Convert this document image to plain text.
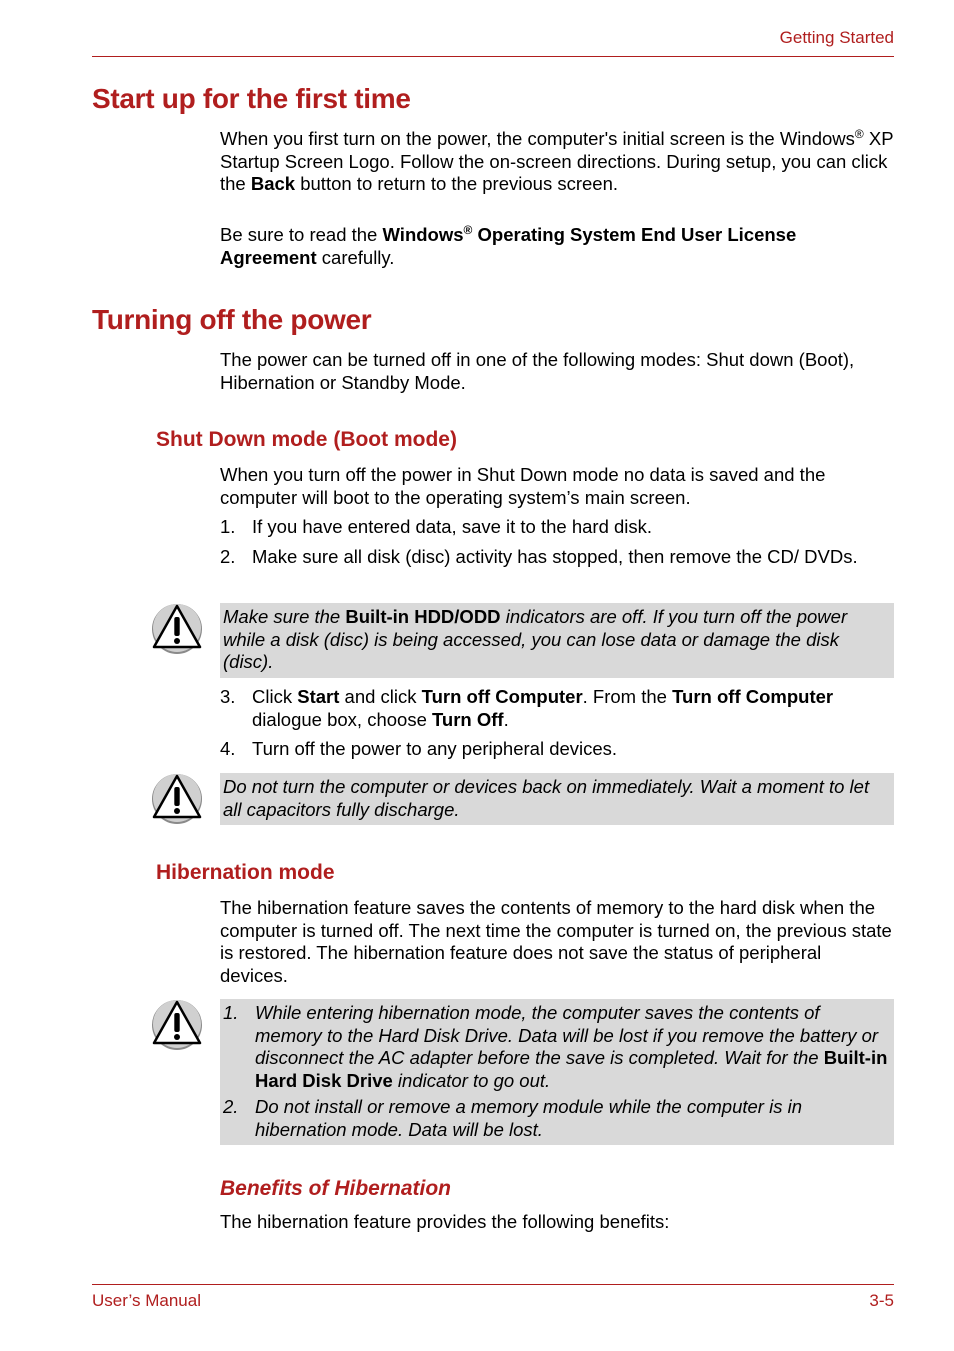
Getting Started
Start up for the first time

When you first turn on the power, the computer's initial screen is the Windows® XP Startup Screen Logo. Follow the on-screen directions. During setup, you can click the Back button to return to the previous screen.

Be sure to read the Windows® Operating System End User License Agreement carefully.

Turning off the power

The power can be turned off in one of the following modes: Shut down (Boot), Hibernation or Standby Mode.

Shut Down mode (Boot mode)

When you turn off the power in Shut Down mode no data is saved and the computer will boot to the operating system’s main screen.

1. If you have entered data, save it to the hard disk.
2. Make sure all disk (disc) activity has stopped, then remove the CD/ DVDs.
Make sure the Built-in HDD/ODD indicators are off. If you turn off the power while a disk (disc) is being accessed, you can lose data or damage the disk (disc).
3. Click Start and click Turn off Computer. From the Turn off Computer dialogue box, choose Turn Off.
4. Turn off the power to any peripheral devices.
Do not turn the computer or devices back on immediately. Wait a moment to let all capacitors fully discharge.
Hibernation mode

The hibernation feature saves the contents of memory to the hard disk when the computer is turned off. The next time the computer is turned on, the previous state is restored. The hibernation feature does not save the status of peripheral devices.

1. While entering hibernation mode, the computer saves the contents of memory to the Hard Disk Drive. Data will be lost if you remove the battery or disconnect the AC adapter before the save is completed. Wait for the Built-in Hard Disk Drive indicator to go out.
2. Do not install or remove a memory module while the computer is in hibernation mode. Data will be lost.
Benefits of Hibernation

The hibernation feature provides the following benefits:

User’s Manual	3-5
